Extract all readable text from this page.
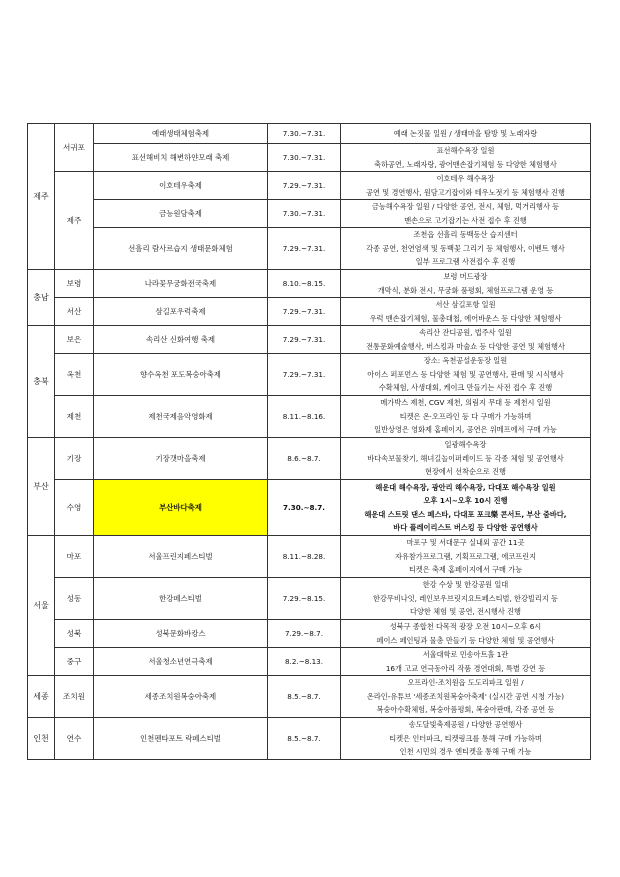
제주	서귀포	예래생태체험축제	7.30.~7.31.	예래 논짓물 일원 / 생태마을 탐방 및 노래자랑

		표선해비치 해변하얀모래 축제	7.30.~7.31.	표선해수욕장 일원
축하공연, 노래자랑, 광어맨손잡기체험 등 다양한 체험행사

	제주	이호테우축제	7.29.~7.31.	이호테우 해수욕장
공연 및 경연행사, 원담고기잡이와 테우노젓기 등 체험행사 진행

		금능원담축제	7.30.~7.31.	금능해수욕장 일원 / 다양한 공연, 전시, 체험, 먹거리행사 등
맨손으로 고기잡기는 사전 접수 후 진행

		선흘리 람사르습지 생태문화체험	7.29.~7.31.	조천읍 선흘리 동백동산 습지센터
각종 공연, 천연염색 및 동백꽃 그리기 등 체험행사, 이벤트 행사
일부 프로그램 사전접수 후 진행

충남	보령	나라꽃무궁화전국축제	8.10.~8.15.	보령 머드광장
개막식, 분화 전시, 무궁화 품평회, 체험프로그램 운영 등

	서산	삼길포우럭축제	7.29.~7.31.	서산 삼길포항 일원
우럭 맨손잡기체험, 물총대첩, 에어바운스 등 다양한 체험행사

충북	보은	속리산 신화여행 축제	7.29.~7.31.	속리산 잔디공원, 법주사 일원
전통문화예술행사, 버스킹과 마술쇼 등 다양한 공연 및 체험행사

	옥천	향수옥천 포도복숭아축제	7.29.~7.31.	장소: 옥천공설운동장 일원
아이스 퍼포먼스 등 다양한 체험 및 공연행사, 판매 및 시식행사
수확체험, 사생대회, 케이크 만들기는 사전 접수 후 진행

	제천	제천국제음악영화제	8.11.~8.16.	메가박스 제천, CGV 제천, 의림지 무대 등 제천시 일원
티켓은 온·오프라인 등 다 구매가 가능하며
일반상영은 영화제 홈페이지, 공연은 위메프에서 구매 가능

부산	기장	기장갯마을축제	8.6.~8.7.	일광해수욕장
바다속보물찾기, 해녀길놀이퍼레이드 등 각종 체험 및 공연행사
현장에서 선착순으로 진행

	수영	부산바다축제	7.30.~8.7.	해운대 해수욕장, 광안리 해수욕장, 다대포 해수욕장 일원
오후 1시~오후 10시 진행
해운대 스트릿 댄스 페스타, 다대포 포크樂 콘서트, 부산 줌바다,
바다 플레이리스트 버스킹 등 다양한 공연행사

서울	마포	서울프린지페스티벌	8.11.~8.28.	마포구 및 서대문구 실내외 공간 11곳
자유참가프로그램, 기획프로그램, 에코프린지
티켓은 축제 홈페이지에서 구매 가능

	성동	한강페스티벌	7.29.~8.15.	한강 수상 및 한강공원 일대
한강무비나잇, 레인보우브릿지요트페스티벌, 한강빌리지 등
다양한 체험 및 공연, 전시행사 진행

	성북	성북문화바캉스	7.29.~8.7.	성북구 종합천 다목적 광장 오전 10시~오후 6시
페이스 페인팅과 물총 만들기 등 다양한 체험 및 공연행사

	중구	서울청소년연극축제	8.2.~8.13.	서울대학로 민송아트홀 1관
16개 고교 연극동아리 작품 경연대회, 특별 강연 등

세종	조치원	세종조치원복숭아축제	8.5.~8.7.	오프라인-조치원읍 도도리파크 일원 /
온라인-유튜브 '세종조치원복숭아축제' (실시간 공연 시청 가능)
복숭아수확체험, 복숭아품평회, 복숭아판매, 각종 공연 등

인천	연수	인천펜타포트 락페스티벌	8.5.~8.7.	송도달빛축제공원 / 다양한 공연행사
티켓은 인터파크, 티켓링크를 통해 구매 가능하며
인천 시민의 경우 엔티켓을 통해 구매 가능
